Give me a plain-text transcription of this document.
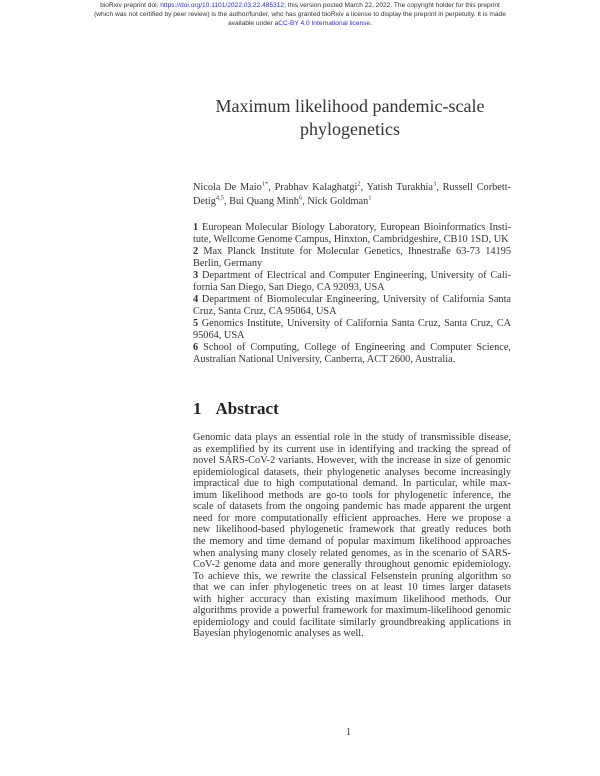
bioRxiv preprint doi: https://doi.org/10.1101/2022.03.22.485312; this version posted March 22, 2022. The copyright holder for this preprint
(which was not certified by peer review) is the author/funder, who has granted bioRxiv a license to display the preprint in perpetuity. It is made
available under aCC-BY 4.0 International license.
Maximum likelihood pandemic-scale
phylogenetics
Nicola De Maio$^{1*}$, Prabhav Kalaghatgi$^2$, Yatish Turakhia$^3$, Russell Corbett-
Detig$^{4,5}$, Bui Quang Minh$^6$, Nick Goldman$^1$
1 European Molecular Biology Laboratory, European Bioinformatics Insti-
tute, Wellcome Genome Campus, Hinxton, Cambridgeshire, CB10 1SD, UK
2 Max Planck Institute for Molecular Genetics, Ihnestraße 63-73 14195
Berlin, Germany
3 Department of Electrical and Computer Engineering, University of Cali-
fornia San Diego, San Diego, CA 92093, USA
4 Department of Biomolecular Engineering, University of California Santa
Cruz, Santa Cruz, CA 95064, USA
5 Genomics Institute, University of California Santa Cruz, Santa Cruz, CA
95064, USA
6 School of Computing, College of Engineering and Computer Science,
Australian National University, Canberra, ACT 2600, Australia.
1 Abstract
Genomic data plays an essential role in the study of transmissible disease,
as exemplified by its current use in identifying and tracking the spread of
novel SARS-CoV-2 variants. However, with the increase in size of genomic
epidemiological datasets, their phylogenetic analyses become increasingly
impractical due to high computational demand. In particular, while max-
imum likelihood methods are go-to tools for phylogenetic inference, the
scale of datasets from the ongoing pandemic has made apparent the urgent
need for more computationally efficient approaches. Here we propose a
new likelihood-based phylogenetic framework that greatly reduces both
the memory and time demand of popular maximum likelihood approaches
when analysing many closely related genomes, as in the scenario of SARS-
CoV-2 genome data and more generally throughout genomic epidemiology.
To achieve this, we rewrite the classical Felsenstein pruning algorithm so
that we can infer phylogenetic trees on at least 10 times larger datasets
with higher accuracy than existing maximum likelihood methods. Our
algorithms provide a powerful framework for maximum-likelihood genomic
epidemiology and could facilitate similarly groundbreaking applications in
Bayesian phylogenomic analyses as well.
1
